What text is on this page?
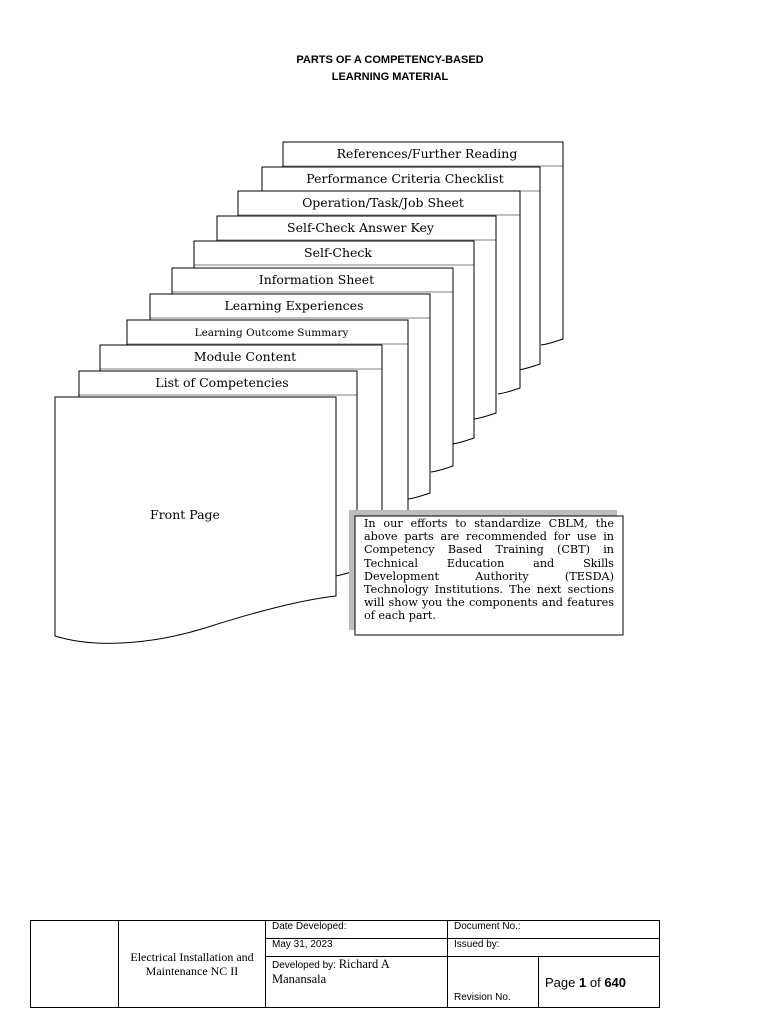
PARTS OF A COMPETENCY-BASED
LEARNING MATERIAL
References/Further Reading
Performance Criteria Checklist
Operation/Task/Job Sheet
Self-Check Answer Key
Self-Check
Information Sheet
Learning Experiences
Learning Outcome Summary
Module Content
List of Competencies
Front Page
In our efforts to standardize CBLM, the above parts are recommended for use in Competency Based Training (CBT) in Technical Education and Skills Development Authority (TESDA) Technology Institutions. The next sections will show you the components and features of each part.
	Electrical Installation and Maintenance NC II	Date Developed:	Document No.:	
		May 31, 2023	Issued by:	
		Developed by: Richard A Manansala	Revision No.	Page 1 of 640
